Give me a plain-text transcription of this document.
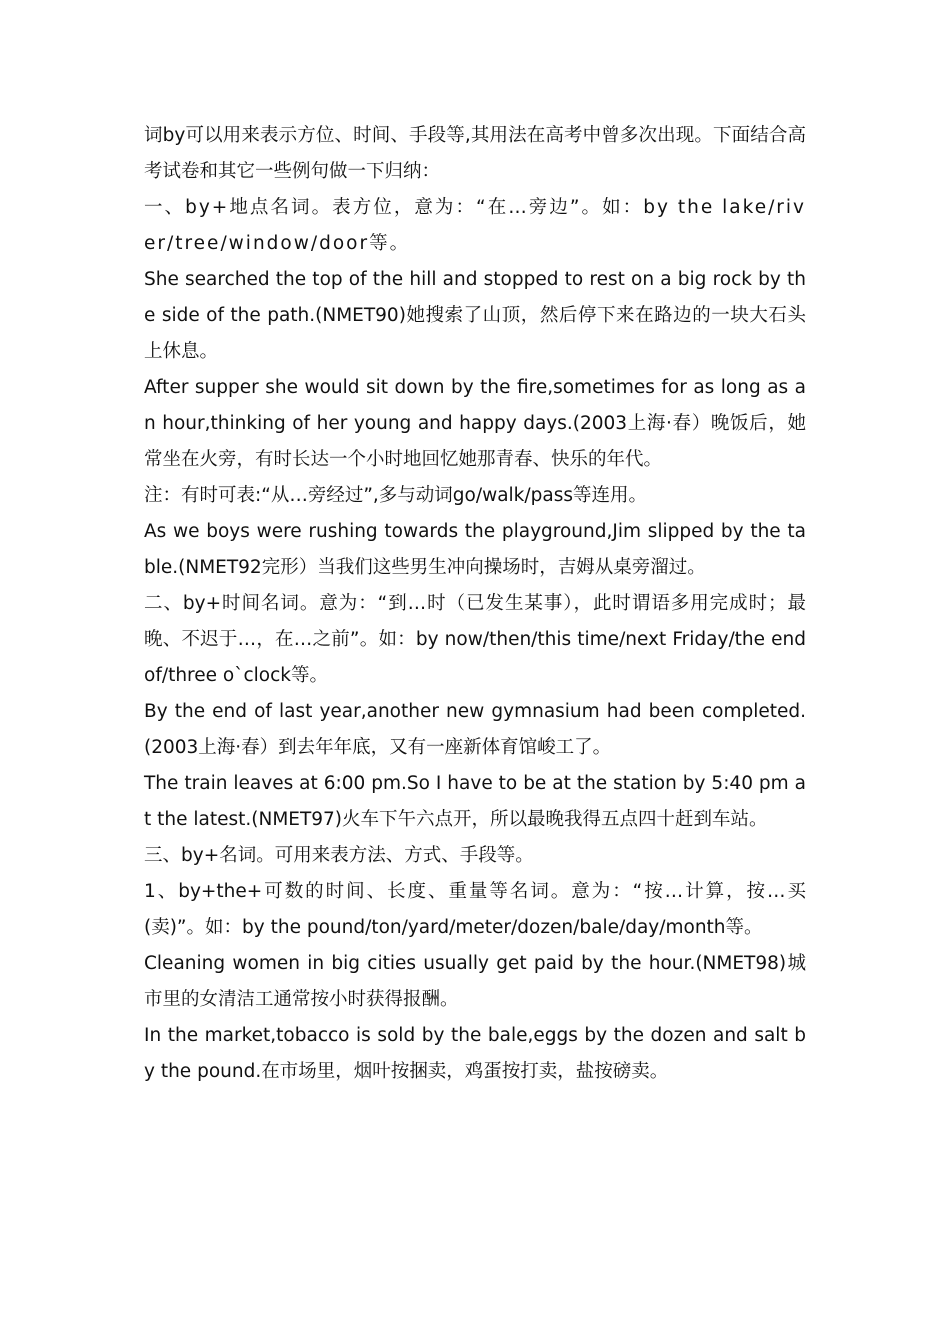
词by可以用来表示方位、时间、手段等,其用法在高考中曾多次出现。下面结合高考试卷和其它一些例句做一下归纳：

一、by+地点名词。表方位，意为：“在…旁边”。如：by the lake/river/tree/window/door等。

She searched the top of the hill and stopped to rest on a big rock by the side of the path.(NMET90)她搜索了山顶，然后停下来在路边的一块大石头上休息。

After supper she would sit down by the fire,sometimes for as long as an hour,thinking of her young and happy days.(2003上海·春）晚饭后，她常坐在火旁，有时长达一个小时地回忆她那青春、快乐的年代。

注：有时可表:“从…旁经过”,多与动词go/walk/pass等连用。

As we boys were rushing towards the playground,Jim slipped by the table.(NMET92完形）当我们这些男生冲向操场时，吉姆从桌旁溜过。

二、by+时间名词。意为：“到…时（已发生某事），此时谓语多用完成时；最晚、不迟于…，在…之前”。如：by now/then/this time/next Friday/the end of/three o`clock等。

By the end of last year,another new gymnasium had been completed.(2003上海·春）到去年年底，又有一座新体育馆峻工了。

The train leaves at 6:00 pm.So I have to be at the station by 5:40 pm at the latest.(NMET97)火车下午六点开，所以最晚我得五点四十赶到车站。

三、by+名词。可用来表方法、方式、手段等。

1、by+the+可数的时间、长度、重量等名词。意为：“按…计算，按…买(卖)”。如：by the pound/ton/yard/meter/dozen/bale/day/month等。

Cleaning women in big cities usually get paid by the hour.(NMET98)城市里的女清洁工通常按小时获得报酬。

In the market,tobacco is sold by the bale,eggs by the dozen and salt by the pound.在市场里，烟叶按捆卖，鸡蛋按打卖，盐按磅卖。
